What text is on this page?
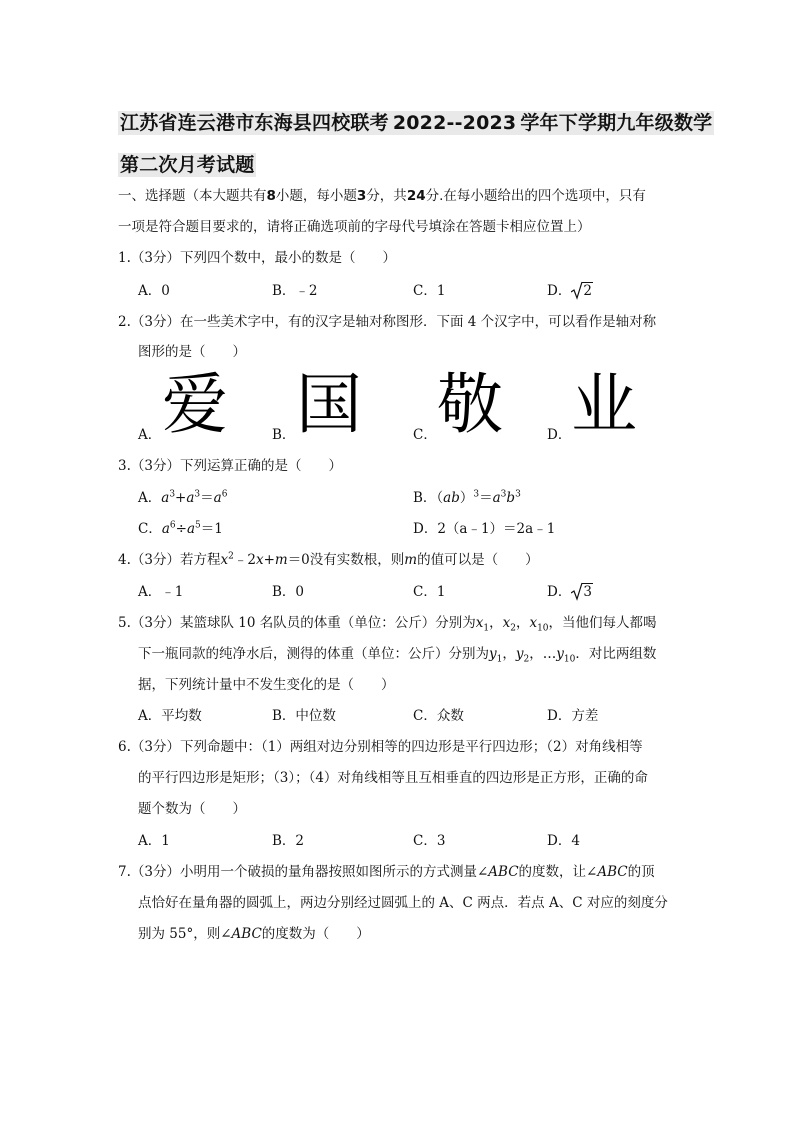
江苏省连云港市东海县四校联考 2022--2023 学年下学期九年级数学
第二次月考试题
一、选择题（本大题共有8小题，每小题3分，共24分.在每小题给出的四个选项中，只有
一项是符合题目要求的，请将正确选项前的字母代号填涂在答题卡相应位置上）
1.（3分）下列四个数中，最小的数是（　　）
A．0	B．﹣2	C．1	D． 2
2.（3分）在一些美术字中，有的汉字是轴对称图形．下面 4 个汉字中，可以看作是轴对称
图形的是（　　）
A． 爱	B． 国	C． 敬	D． 业
3.（3分）下列运算正确的是（　　）
A．$a^3+a^3=a^6$	B．$(ab)^3=a^3b^3$
C．$a^6\div a^5=1$	D．2（a﹣1）＝2a﹣1
4.（3分）若方程$x^2﹣2x+m=0$没有实数根，则m的值可以是（　　）
A．﹣1	B．0	C．1	D． 3
5.（3分）某篮球队 10 名队员的体重（单位：公斤）分别为$x_1$，$x_2$，$x_{10}$，当他们每人都喝
下一瓶同款的纯净水后，测得的体重（单位：公斤）分别为$y_1$，$y_2$，$\dots y_{10}$．对比两组数
据，下列统计量中不发生变化的是（　　）
A．平均数	B．中位数	C．众数	D．方差
6.（3分）下列命题中：（1）两组对边分别相等的四边形是平行四边形；（2）对角线相等
的平行四边形是矩形；（3）；（4）对角线相等且互相垂直的四边形是正方形，正确的命
题个数为（　　）
A．1	B．2	C．3	D．4
7.（3分）小明用一个破损的量角器按照如图所示的方式测量∠ABC的度数，让∠ABC的顶
点恰好在量角器的圆弧上，两边分别经过圆弧上的 A、C 两点．若点 A、C 对应的刻度分
别为 55°，则∠ABC的度数为（　　）
